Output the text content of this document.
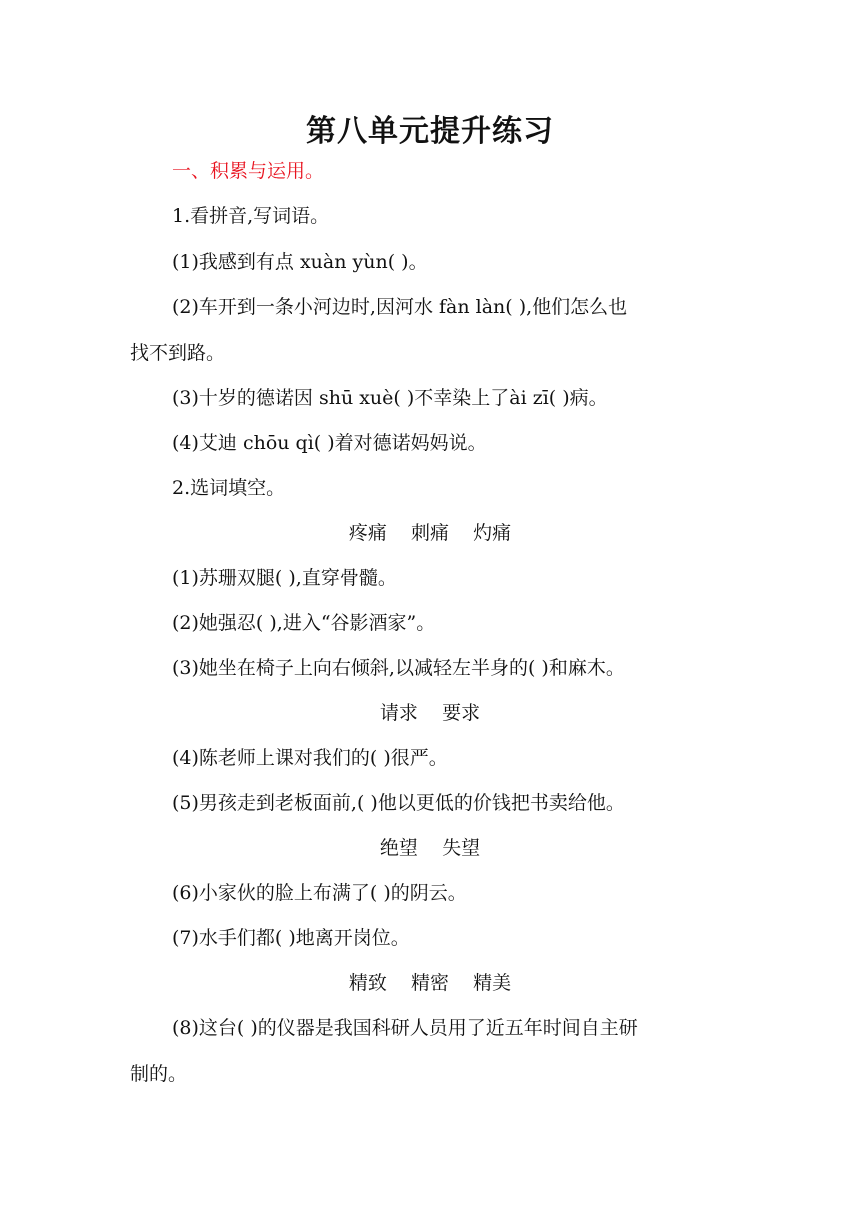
第八单元提升练习
一、积累与运用。
1.看拼音,写词语。
(1)我感到有点 xuàn yùn( )。
(2)车开到一条小河边时,因河水 fàn làn( ),他们怎么也
找不到路。
(3)十岁的德诺因 shū xuè( )不幸染上了ài zī( )病。
(4)艾迪 chōu qì( )着对德诺妈妈说。
2.选词填空。
疼痛    刺痛    灼痛
(1)苏珊双腿( ),直穿骨髓。
(2)她强忍( ),进入“谷影酒家”。
(3)她坐在椅子上向右倾斜,以减轻左半身的( )和麻木。
请求    要求
(4)陈老师上课对我们的( )很严。
(5)男孩走到老板面前,( )他以更低的价钱把书卖给他。
绝望    失望
(6)小家伙的脸上布满了( )的阴云。
(7)水手们都( )地离开岗位。
精致    精密    精美
(8)这台( )的仪器是我国科研人员用了近五年时间自主研
制的。
